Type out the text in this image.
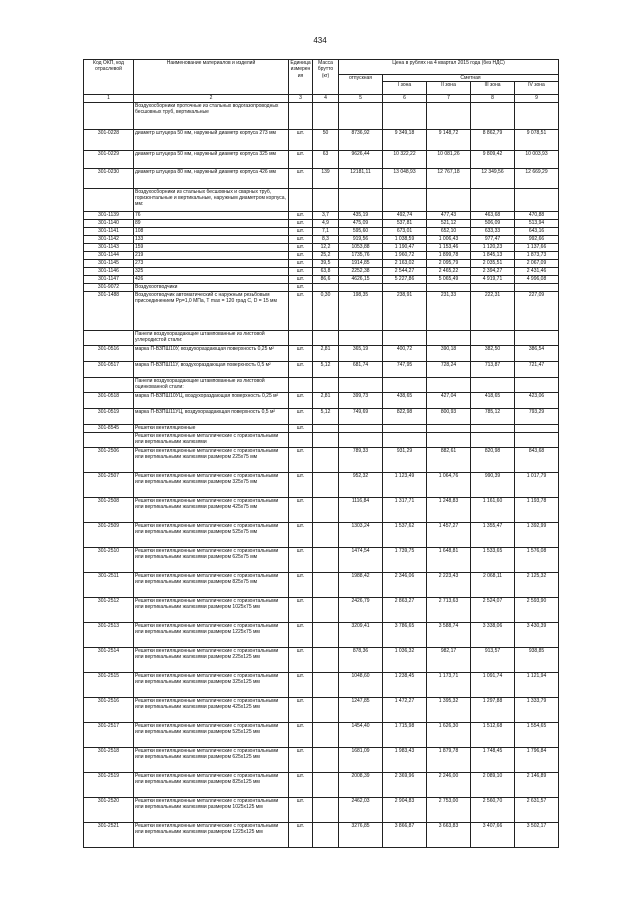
434
Код ОКП, код отраслевой	Наименование материалов и изделий	Единица измерения	Масса брутто (кг)	Цена в рублях на 4 квартал 2015 года (без НДС)				
				отпускная	Сметная			
					I зона	II зона	III зона	IV зона
1	2	3	4	5	6	7	8	9
	Воздухосборники проточные из стальных водогазопроводных бесшовных труб, вертикальные							
301-0228	диаметр штуцера 50 мм, наружный диаметр корпуса 273 мм	шт.	50	8736,92	9 349,18	9 148,72	8 862,79	9 078,51
301-0229	диаметр штуцера 50 мм, наружный диаметр корпуса 325 мм	шт.	63	9626,44	10 322,22	10 081,26	9 809,42	10 003,93
301-0230	диаметр штуцера 80 мм, наружный диаметр корпуса 426 мм	шт.	139	12181,11	13 048,93	12 767,18	12 349,56	12 669,29
	Воздухосборники из стальных бесшовных и сварных труб, горизонтальные и вертикальные, наружным диаметром корпуса, мм:							
301-1139	76	шт.	3,7	435,19	492,74	477,43	463,68	470,88
301-1140	89	шт.	4,9	475,09	537,81	521,12	506,09	513,94
301-1141	108	шт.	7,1	595,60	673,01	652,10	633,33	643,16
301-1142	133	шт.	8,3	919,56	1 038,59	1 006,43	977,47	992,66
301-1143	159	шт.	12,2	1053,88	1 190,47	1 153,46	1 120,23	1 137,66
301-1144	219	шт.	25,2	1735,76	1 960,72	1 899,78	1 845,13	1 873,73
301-1145	273	шт.	39,5	1914,85	2 163,02	2 095,79	2 035,51	2 067,09
301-1146	325	шт.	63,8	2252,38	2 544,27	2 465,22	2 394,27	2 431,46
301-1147	426	шт.	86,6	4626,15	5 227,86	5 065,49	4 919,71	4 996,08
301-9072	Воздухоотводчики	шт.						
301-1488	Воздухоотводчик автоматический с наружным резьбовым присоединением Рр=1,0 МПа, Т max = 120 град С, D = 15 мм	шт.	0,30	198,35	238,91	231,33	222,31	227,09
	Панели воздухораздающие штампованные из листовой углеродистой стали:							
301-0516	марка П-ВЗПШ10У, воздухораздающая поверхность 0,25 м²	шт.	2,81	365,19	400,72	390,18	382,50	386,54
301-0517	марка П-ВЗПШ11У, воздухораздающая поверхность 0,5 м²	шт.	5,12	681,74	747,95	728,24	713,87	721,47
	Панели воздухораздающие штампованные из листовой оцинкованной стали:							
301-0518	марка П-ВЗПШ10УЦ, воздухораздающая поверхность 0,25 м²	шт.	2,81	399,73	438,65	427,04	418,65	423,06
301-0519	марка П-ВЗПШ11УЦ, воздухораздающая поверхность 0,5 м²	шт.	5,12	749,69	822,98	800,93	785,12	793,29
301-8545	Решетки вентиляционные	шт.						
	Решетки вентиляционные металлические с горизонтальными или вертикальными жалюзями							
301-2506	Решетки вентиляционные металлические с горизонтальными или вертикальными жалюзями размером 225х75 мм	шт.		789,33	931,29	882,61	820,98	843,68
301-2507	Решетки вентиляционные металлические с горизонтальными или вертикальными жалюзями размером 325х75 мм	шт.		952,32	1 123,49	1 064,76	990,39	1 017,79
301-2508	Решетки вентиляционные металлические с горизонтальными или вертикальными жалюзями размером 425х75 мм	шт.		1116,84	1 317,71	1 248,83	1 161,60	1 193,78
301-2509	Решетки вентиляционные металлические с горизонтальными или вертикальными жалюзями размером 525х75 мм	шт.		1303,24	1 537,62	1 457,27	1 355,47	1 392,99
301-2510	Решетки вентиляционные металлические с горизонтальными или вертикальными жалюзями размером 625х75 мм	шт.		1474,54	1 739,75	1 648,81	1 533,65	1 576,08
301-2511	Решетки вентиляционные металлические с горизонтальными или вертикальными жалюзями размером 825х75 мм	шт.		1988,42	2 346,06	2 223,43	2 068,11	2 125,32
301-2512	Решетки вентиляционные металлические с горизонтальными или вертикальными жалюзями размером 1025х75 мм	шт.		2426,79	2 863,27	2 713,63	2 524,07	2 593,90
301-2513	Решетки вентиляционные металлические с горизонтальными или вертикальными жалюзями размером 1225х75 мм	шт.		3209,41	3 786,65	3 588,74	3 338,06	3 430,39
301-2514	Решетки вентиляционные металлические с горизонтальными или вертикальными жалюзями размером 225х125 мм	шт.		878,36	1 036,32	982,17	913,57	938,85
301-2515	Решетки вентиляционные металлические с горизонтальными или вертикальными жалюзями размером 325х125 мм	шт.		1048,60	1 238,45	1 173,71	1 091,74	1 121,94
301-2516	Решетки вентиляционные металлические с горизонтальными или вертикальными жалюзями размером 425х125 мм	шт.		1247,85	1 472,27	1 395,32	1 297,88	1 333,79
301-2517	Решетки вентиляционные металлические с горизонтальными или вертикальными жалюзями размером 525х125 мм	шт.		1454,40	1 715,98	1 626,30	1 512,68	1 554,65
301-2518	Решетки вентиляционные металлические с горизонтальными или вертикальными жалюзями размером 625х125 мм	шт.		1681,09	1 983,43	1 879,78	1 748,45	1 796,84
301-2519	Решетки вентиляционные металлические с горизонтальными или вертикальными жалюзями размером 825х125 мм	шт.		2008,39	2 369,96	2 246,00	2 089,10	2 146,89
301-2520	Решетки вентиляционные металлические с горизонтальными или вертикальными жалюзями размером 1025х125 мм	шт.		2462,03	2 904,83	2 753,00	2 560,70	2 631,57
301-2521	Решетки вентиляционные металлические с горизонтальными или вертикальными жалюзями размером 1225х125 мм	шт.		3276,85	3 866,87	3 663,83	3 407,66	3 502,17
